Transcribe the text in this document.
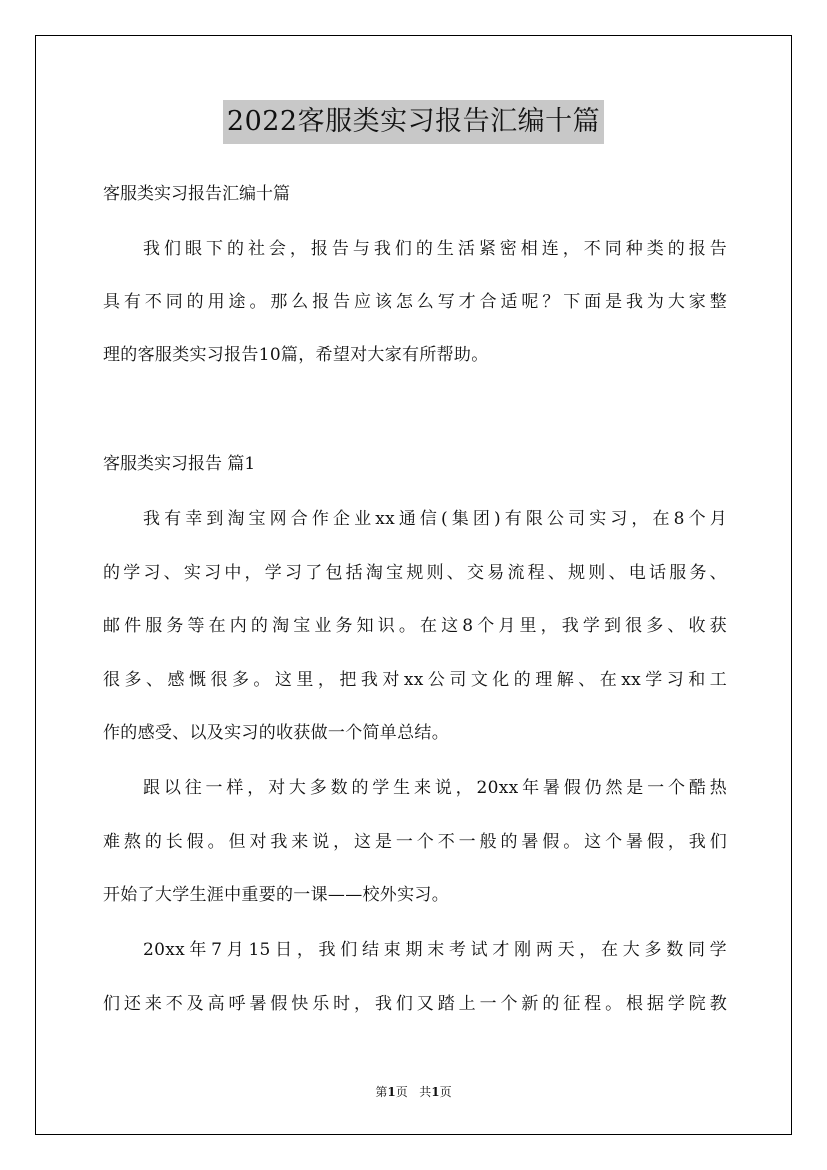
2022客服类实习报告汇编十篇
客服类实习报告汇编十篇
我们眼下的社会，报告与我们的生活紧密相连，不同种类的报告
具有不同的用途。那么报告应该怎么写才合适呢？下面是我为大家整
理的客服类实习报告10篇，希望对大家有所帮助。
客服类实习报告 篇1
我有幸到淘宝网合作企业xx通信(集团)有限公司实习，在8个月
的学习、实习中，学习了包括淘宝规则、交易流程、规则、电话服务、
邮件服务等在内的淘宝业务知识。在这8个月里，我学到很多、收获
很多、感慨很多。这里，把我对xx公司文化的理解、在xx学习和工
作的感受、以及实习的收获做一个简单总结。
跟以往一样，对大多数的学生来说，20xx年暑假仍然是一个酷热
难熬的长假。但对我来说，这是一个不一般的暑假。这个暑假，我们
开始了大学生涯中重要的一课——校外实习。
20xx年7月15日，我们结束期末考试才刚两天，在大多数同学
们还来不及高呼暑假快乐时，我们又踏上一个新的征程。根据学院教
第1页   共1页
